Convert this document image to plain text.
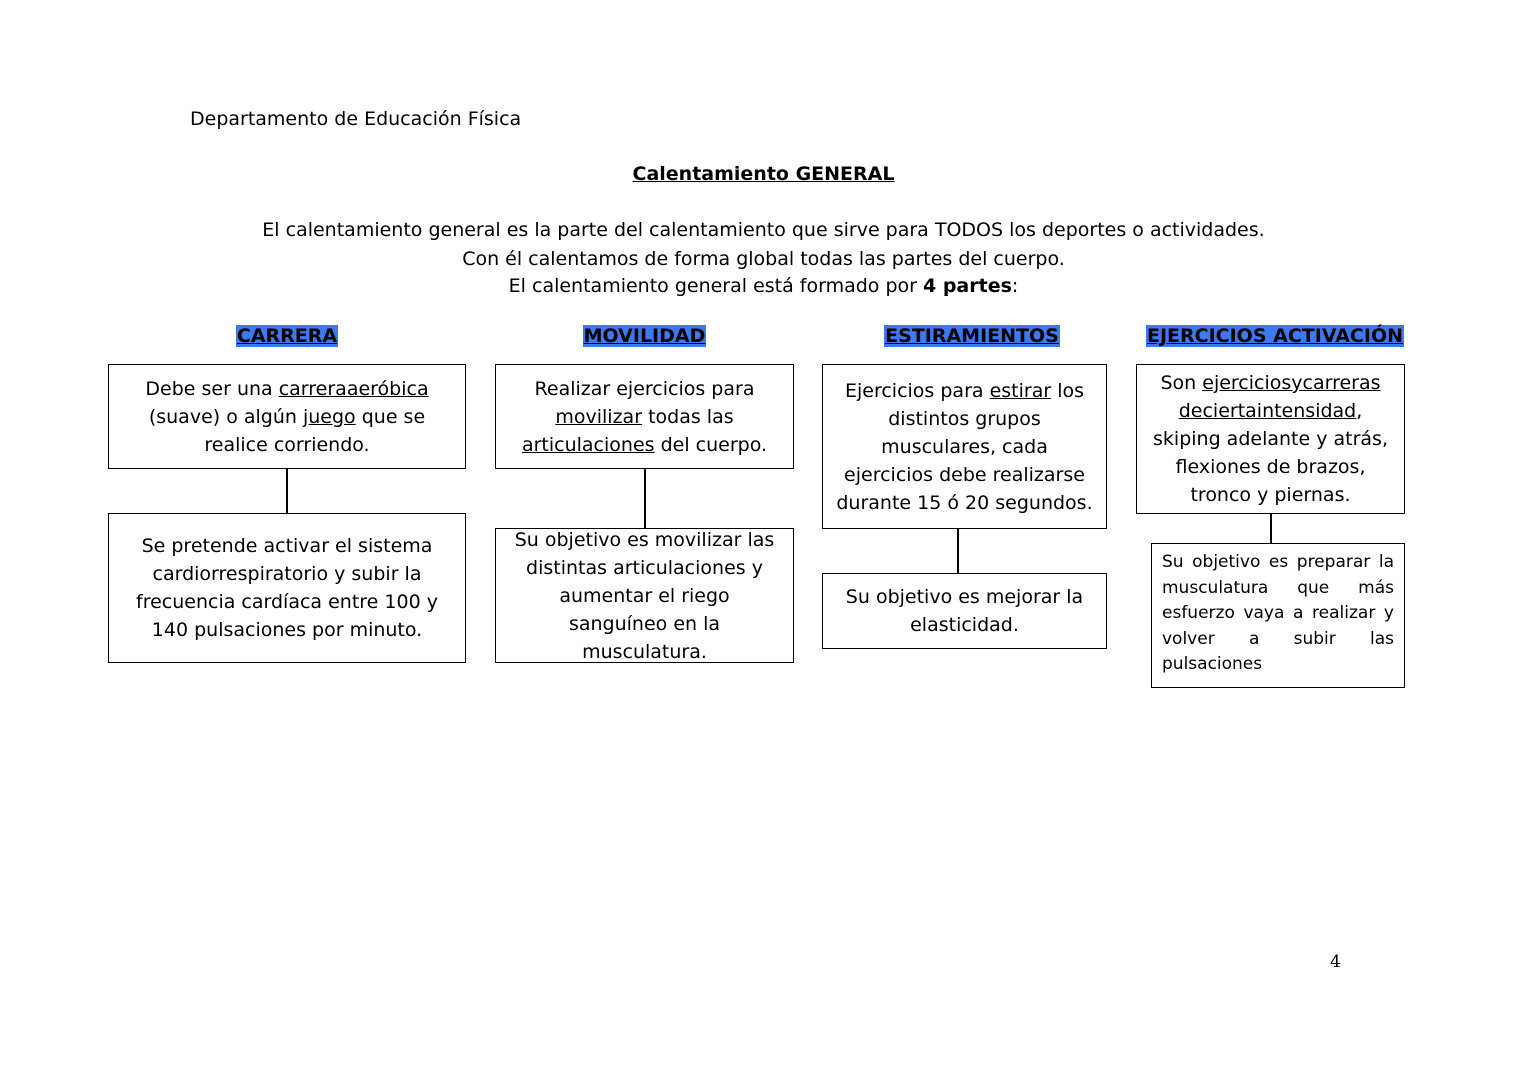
Departamento de Educación Física
Calentamiento GENERAL
El calentamiento general es la parte del calentamiento que sirve para TODOS los deportes o actividades.
Con él calentamos de forma global todas las partes del cuerpo.
El calentamiento general está formado por 4 partes:
CARRERA
Debe ser una carreraaeróbica (suave) o algún juego que se realice corriendo.
Se pretende activar el sistema cardiorrespiratorio y subir la frecuencia cardíaca entre 100 y 140 pulsaciones por minuto.
MOVILIDAD
Realizar ejercicios para movilizar todas las articulaciones del cuerpo.
Su objetivo es movilizar las distintas articulaciones y aumentar el riego sanguíneo en la musculatura.
ESTIRAMIENTOS
Ejercicios para estirar los distintos grupos musculares, cada ejercicios debe realizarse durante 15 ó 20 segundos.
Su objetivo es mejorar la elasticidad.
EJERCICIOS ACTIVACIÓN
Son ejerciciosycarreras deciertaintensidad, skiping adelante y atrás, flexiones de brazos, tronco y piernas.
Su objetivo es preparar la musculatura que más esfuerzo vaya a realizar y volver a subir las pulsaciones
4
